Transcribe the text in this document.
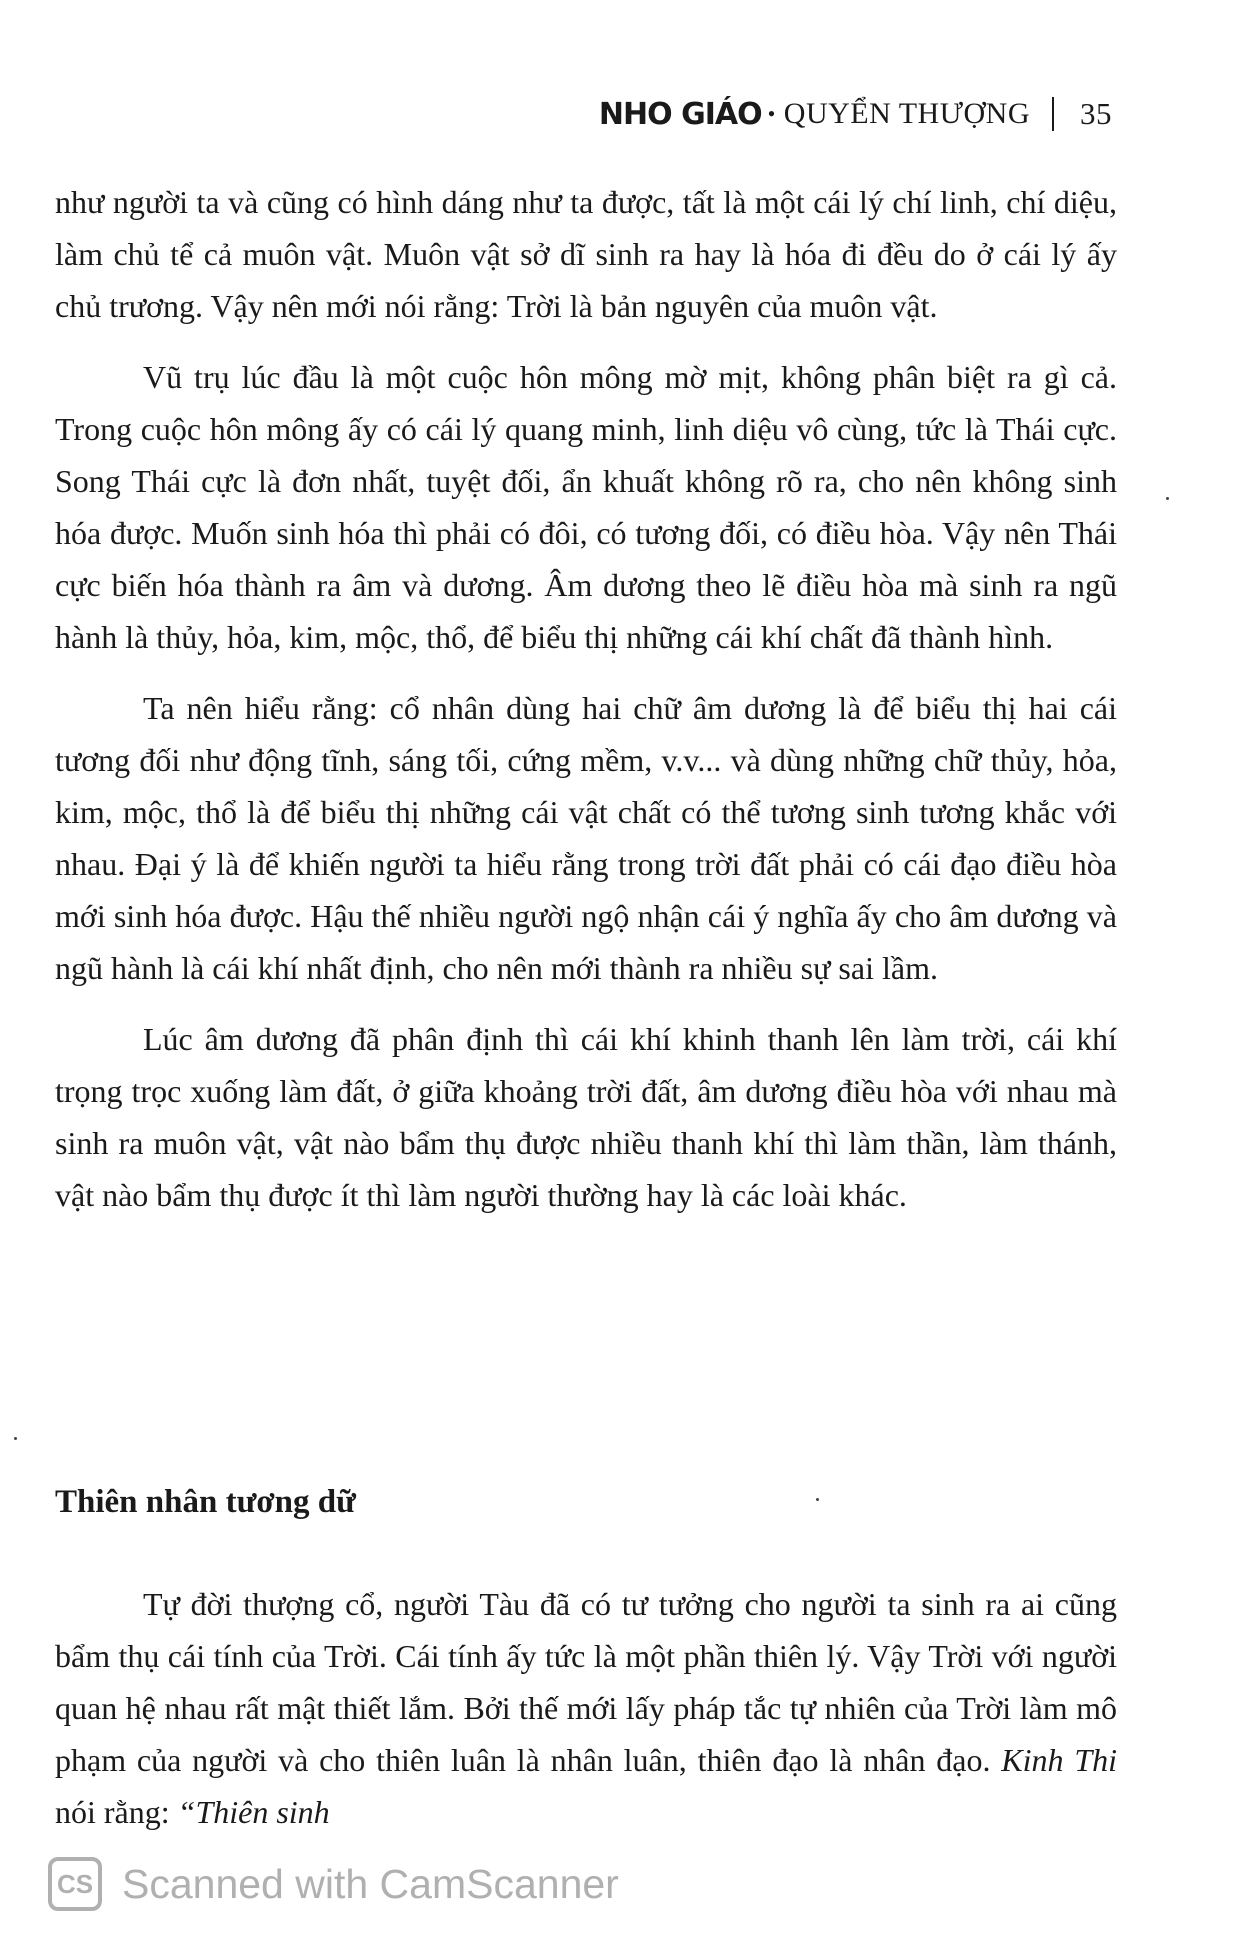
NHO GIÁO • QUYỂN THƯỢNG 35

như người ta và cũng có hình dáng như ta được, tất là một cái lý chí linh, chí diệu, làm chủ tể cả muôn vật. Muôn vật sở dĩ sinh ra hay là hóa đi đều do ở cái lý ấy chủ trương. Vậy nên mới nói rằng: Trời là bản nguyên của muôn vật.

Vũ trụ lúc đầu là một cuộc hôn mông mờ mịt, không phân biệt ra gì cả. Trong cuộc hôn mông ấy có cái lý quang minh, linh diệu vô cùng, tức là Thái cực. Song Thái cực là đơn nhất, tuyệt đối, ẩn khuất không rõ ra, cho nên không sinh hóa được. Muốn sinh hóa thì phải có đôi, có tương đối, có điều hòa. Vậy nên Thái cực biến hóa thành ra âm và dương. Âm dương theo lẽ điều hòa mà sinh ra ngũ hành là thủy, hỏa, kim, mộc, thổ, để biểu thị những cái khí chất đã thành hình.

Ta nên hiểu rằng: cổ nhân dùng hai chữ âm dương là để biểu thị hai cái tương đối như động tĩnh, sáng tối, cứng mềm, v.v... và dùng những chữ thủy, hỏa, kim, mộc, thổ là để biểu thị những cái vật chất có thể tương sinh tương khắc với nhau. Đại ý là để khiến người ta hiểu rằng trong trời đất phải có cái đạo điều hòa mới sinh hóa được. Hậu thế nhiều người ngộ nhận cái ý nghĩa ấy cho âm dương và ngũ hành là cái khí nhất định, cho nên mới thành ra nhiều sự sai lầm.

Lúc âm dương đã phân định thì cái khí khinh thanh lên làm trời, cái khí trọng trọc xuống làm đất, ở giữa khoảng trời đất, âm dương điều hòa với nhau mà sinh ra muôn vật, vật nào bẩm thụ được nhiều thanh khí thì làm thần, làm thánh, vật nào bẩm thụ được ít thì làm người thường hay là các loài khác.

Thiên nhân tương dữ

Tự đời thượng cổ, người Tàu đã có tư tưởng cho người ta sinh ra ai cũng bẩm thụ cái tính của Trời. Cái tính ấy tức là một phần thiên lý. Vậy Trời với người quan hệ nhau rất mật thiết lắm. Bởi thế mới lấy pháp tắc tự nhiên của Trời làm mô phạm của người và cho thiên luân là nhân luân, thiên đạo là nhân đạo. Kinh Thi nói rằng: “Thiên sinh

CS Scanned with CamScanner
